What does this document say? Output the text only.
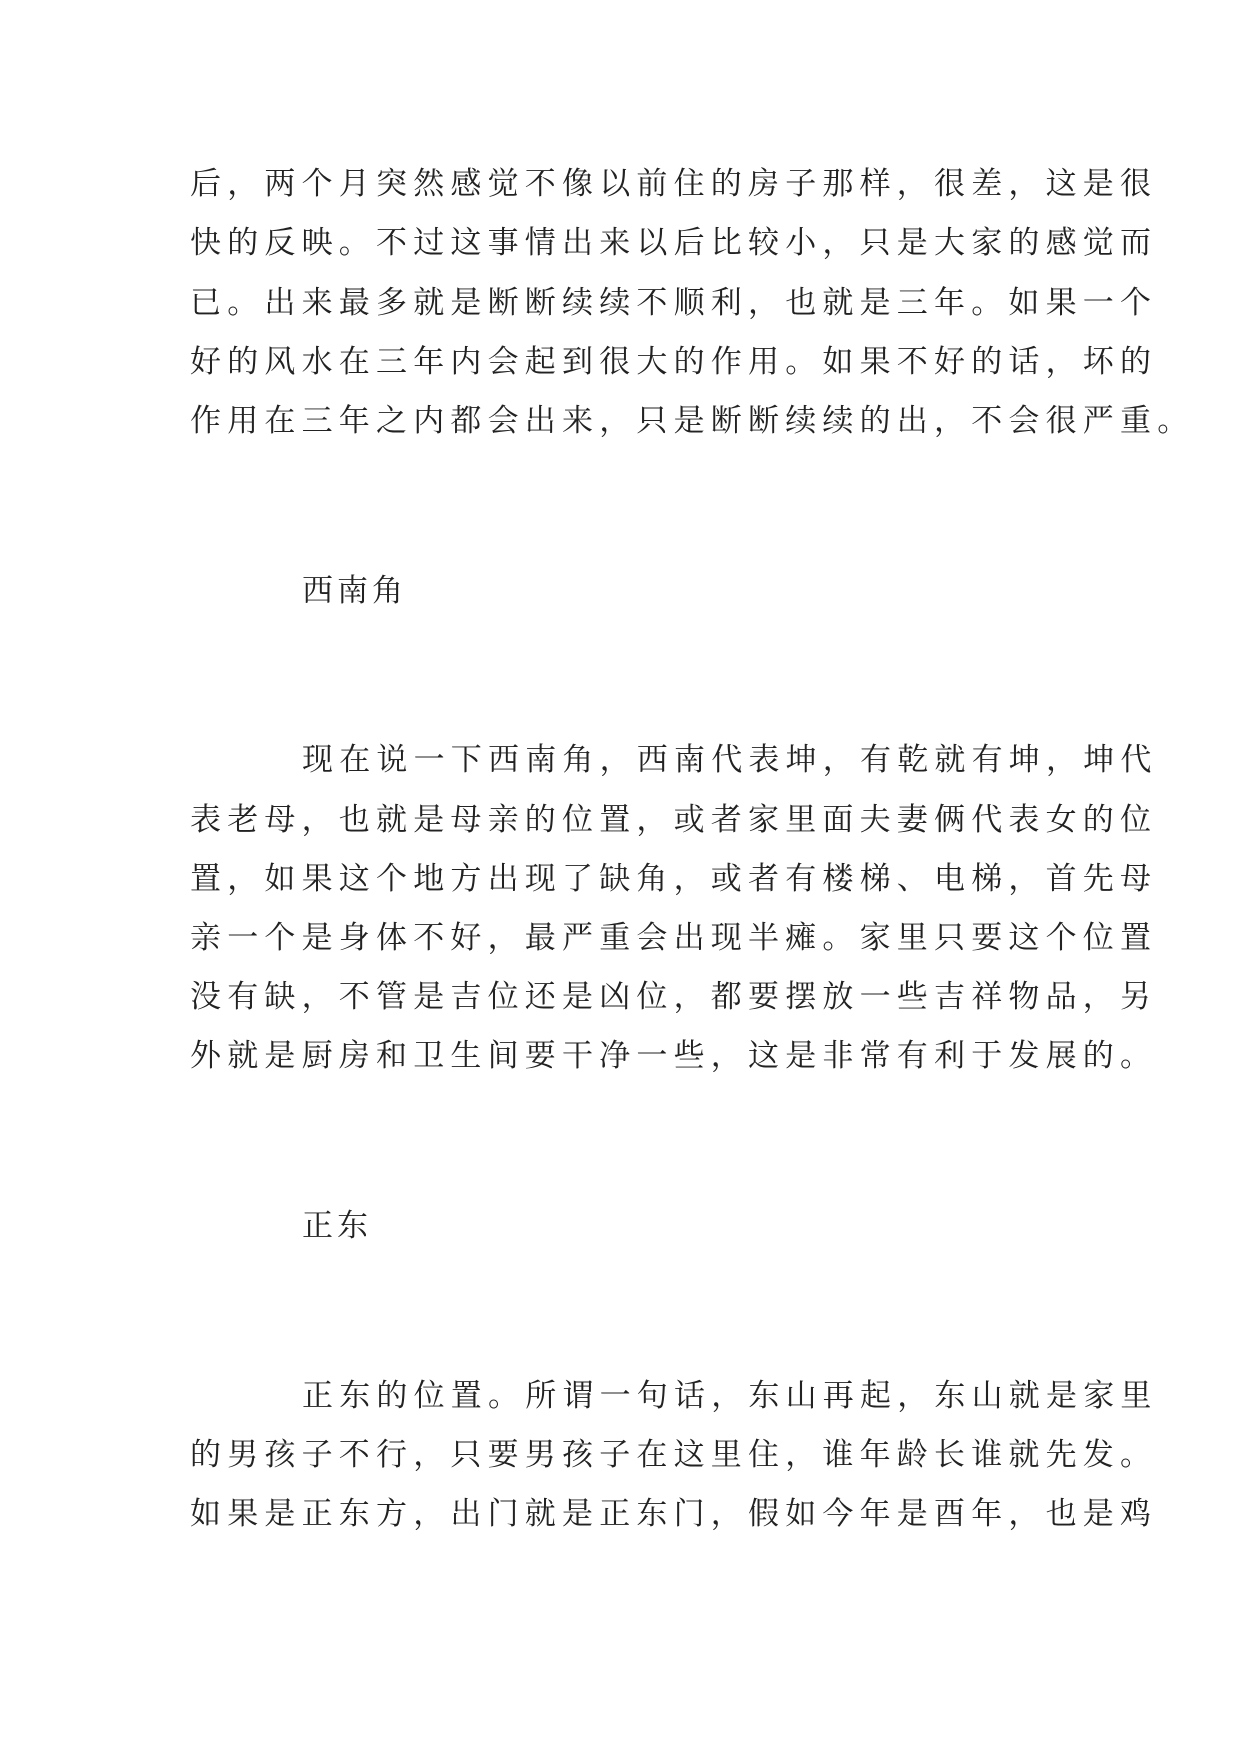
后，两个月突然感觉不像以前住的房子那样，很差，这是很

快的反映。不过这事情出来以后比较小，只是大家的感觉而

已。出来最多就是断断续续不顺利，也就是三年。如果一个

好的风水在三年内会起到很大的作用。如果不好的话，坏的

作用在三年之内都会出来，只是断断续续的出，不会很严重。

西南角

现在说一下西南角，西南代表坤，有乾就有坤，坤代

表老母，也就是母亲的位置，或者家里面夫妻俩代表女的位

置，如果这个地方出现了缺角，或者有楼梯、电梯，首先母

亲一个是身体不好，最严重会出现半瘫。家里只要这个位置

没有缺，不管是吉位还是凶位，都要摆放一些吉祥物品，另

外就是厨房和卫生间要干净一些，这是非常有利于发展的。

正东

正东的位置。所谓一句话，东山再起，东山就是家里

的男孩子不行，只要男孩子在这里住，谁年龄长谁就先发。

如果是正东方，出门就是正东门，假如今年是酉年，也是鸡
